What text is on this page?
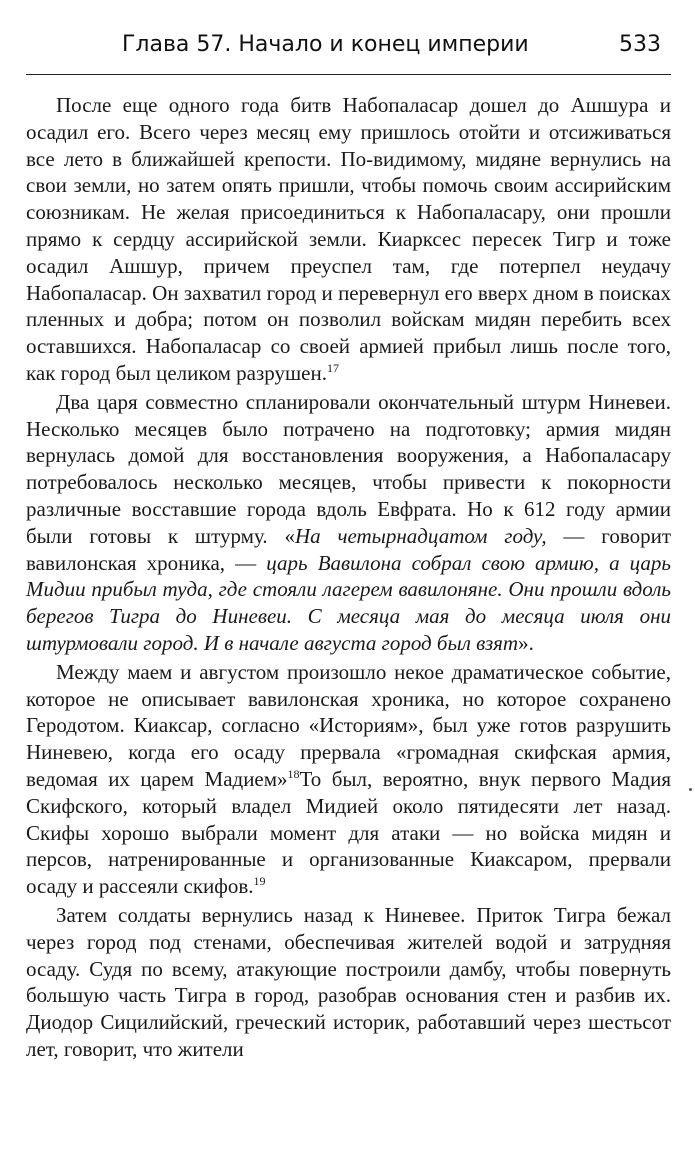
Глава 57. Начало и конец империи	533

После еще одного года битв Набопаласар дошел до Ашшура и осадил его. Всего через месяц ему пришлось отойти и отсиживаться все лето в ближайшей крепости. По-видимому, мидяне вернулись на свои земли, но затем опять пришли, чтобы помочь своим ассирийским союзникам. Не желая присоединиться к Набопаласару, они прошли прямо к сердцу ассирийской земли. Киарксес пересек Тигр и тоже осадил Ашшур, причем преуспел там, где потерпел неудачу Набопаласар. Он захватил город и перевернул его вверх дном в поисках пленных и добра; потом он позволил войскам мидян перебить всех оставшихся. Набопаласар со своей армией прибыл лишь после того, как город был целиком разрушен.$^{17}$

Два царя совместно спланировали окончательный штурм Ниневеи. Несколько месяцев было потрачено на подготовку; армия мидян вернулась домой для восстановления вооружения, а Набопаласару потребовалось несколько месяцев, чтобы привести к покорности различные восставшие города вдоль Евфрата. Но к 612 году армии были готовы к штурму. «На четырнадцатом году, — говорит вавилонская хроника, — царь Вавилона собрал свою армию, а царь Мидии прибыл туда, где стояли лагерем вавилоняне. Они прошли вдоль берегов Тигра до Ниневеи. С месяца мая до месяца июля они штурмовали город. И в начале августа город был взят».

Между маем и августом произошло некое драматическое событие, которое не описывает вавилонская хроника, но которое сохранено Геродотом. Киаксар, согласно «Историям», был уже готов разрушить Ниневею, когда его осаду прервала «громадная скифская армия, ведомая их царем Мадием»$^{18}$То был, вероятно, внук первого Мадия Скифского, который владел Мидией около пятидесяти лет назад. Скифы хорошо выбрали момент для атаки — но войска мидян и персов, натренированные и организованные Киаксаром, прервали осаду и рассеяли скифов.$^{19}$

Затем солдаты вернулись назад к Ниневее. Приток Тигра бежал через город под стенами, обеспечивая жителей водой и затрудняя осаду. Судя по всему, атакующие построили дамбу, чтобы повернуть большую часть Тигра в город, разобрав основания стен и разбив их. Диодор Сицилийский, греческий историк, работавший через шестьсот лет, говорит, что жители
